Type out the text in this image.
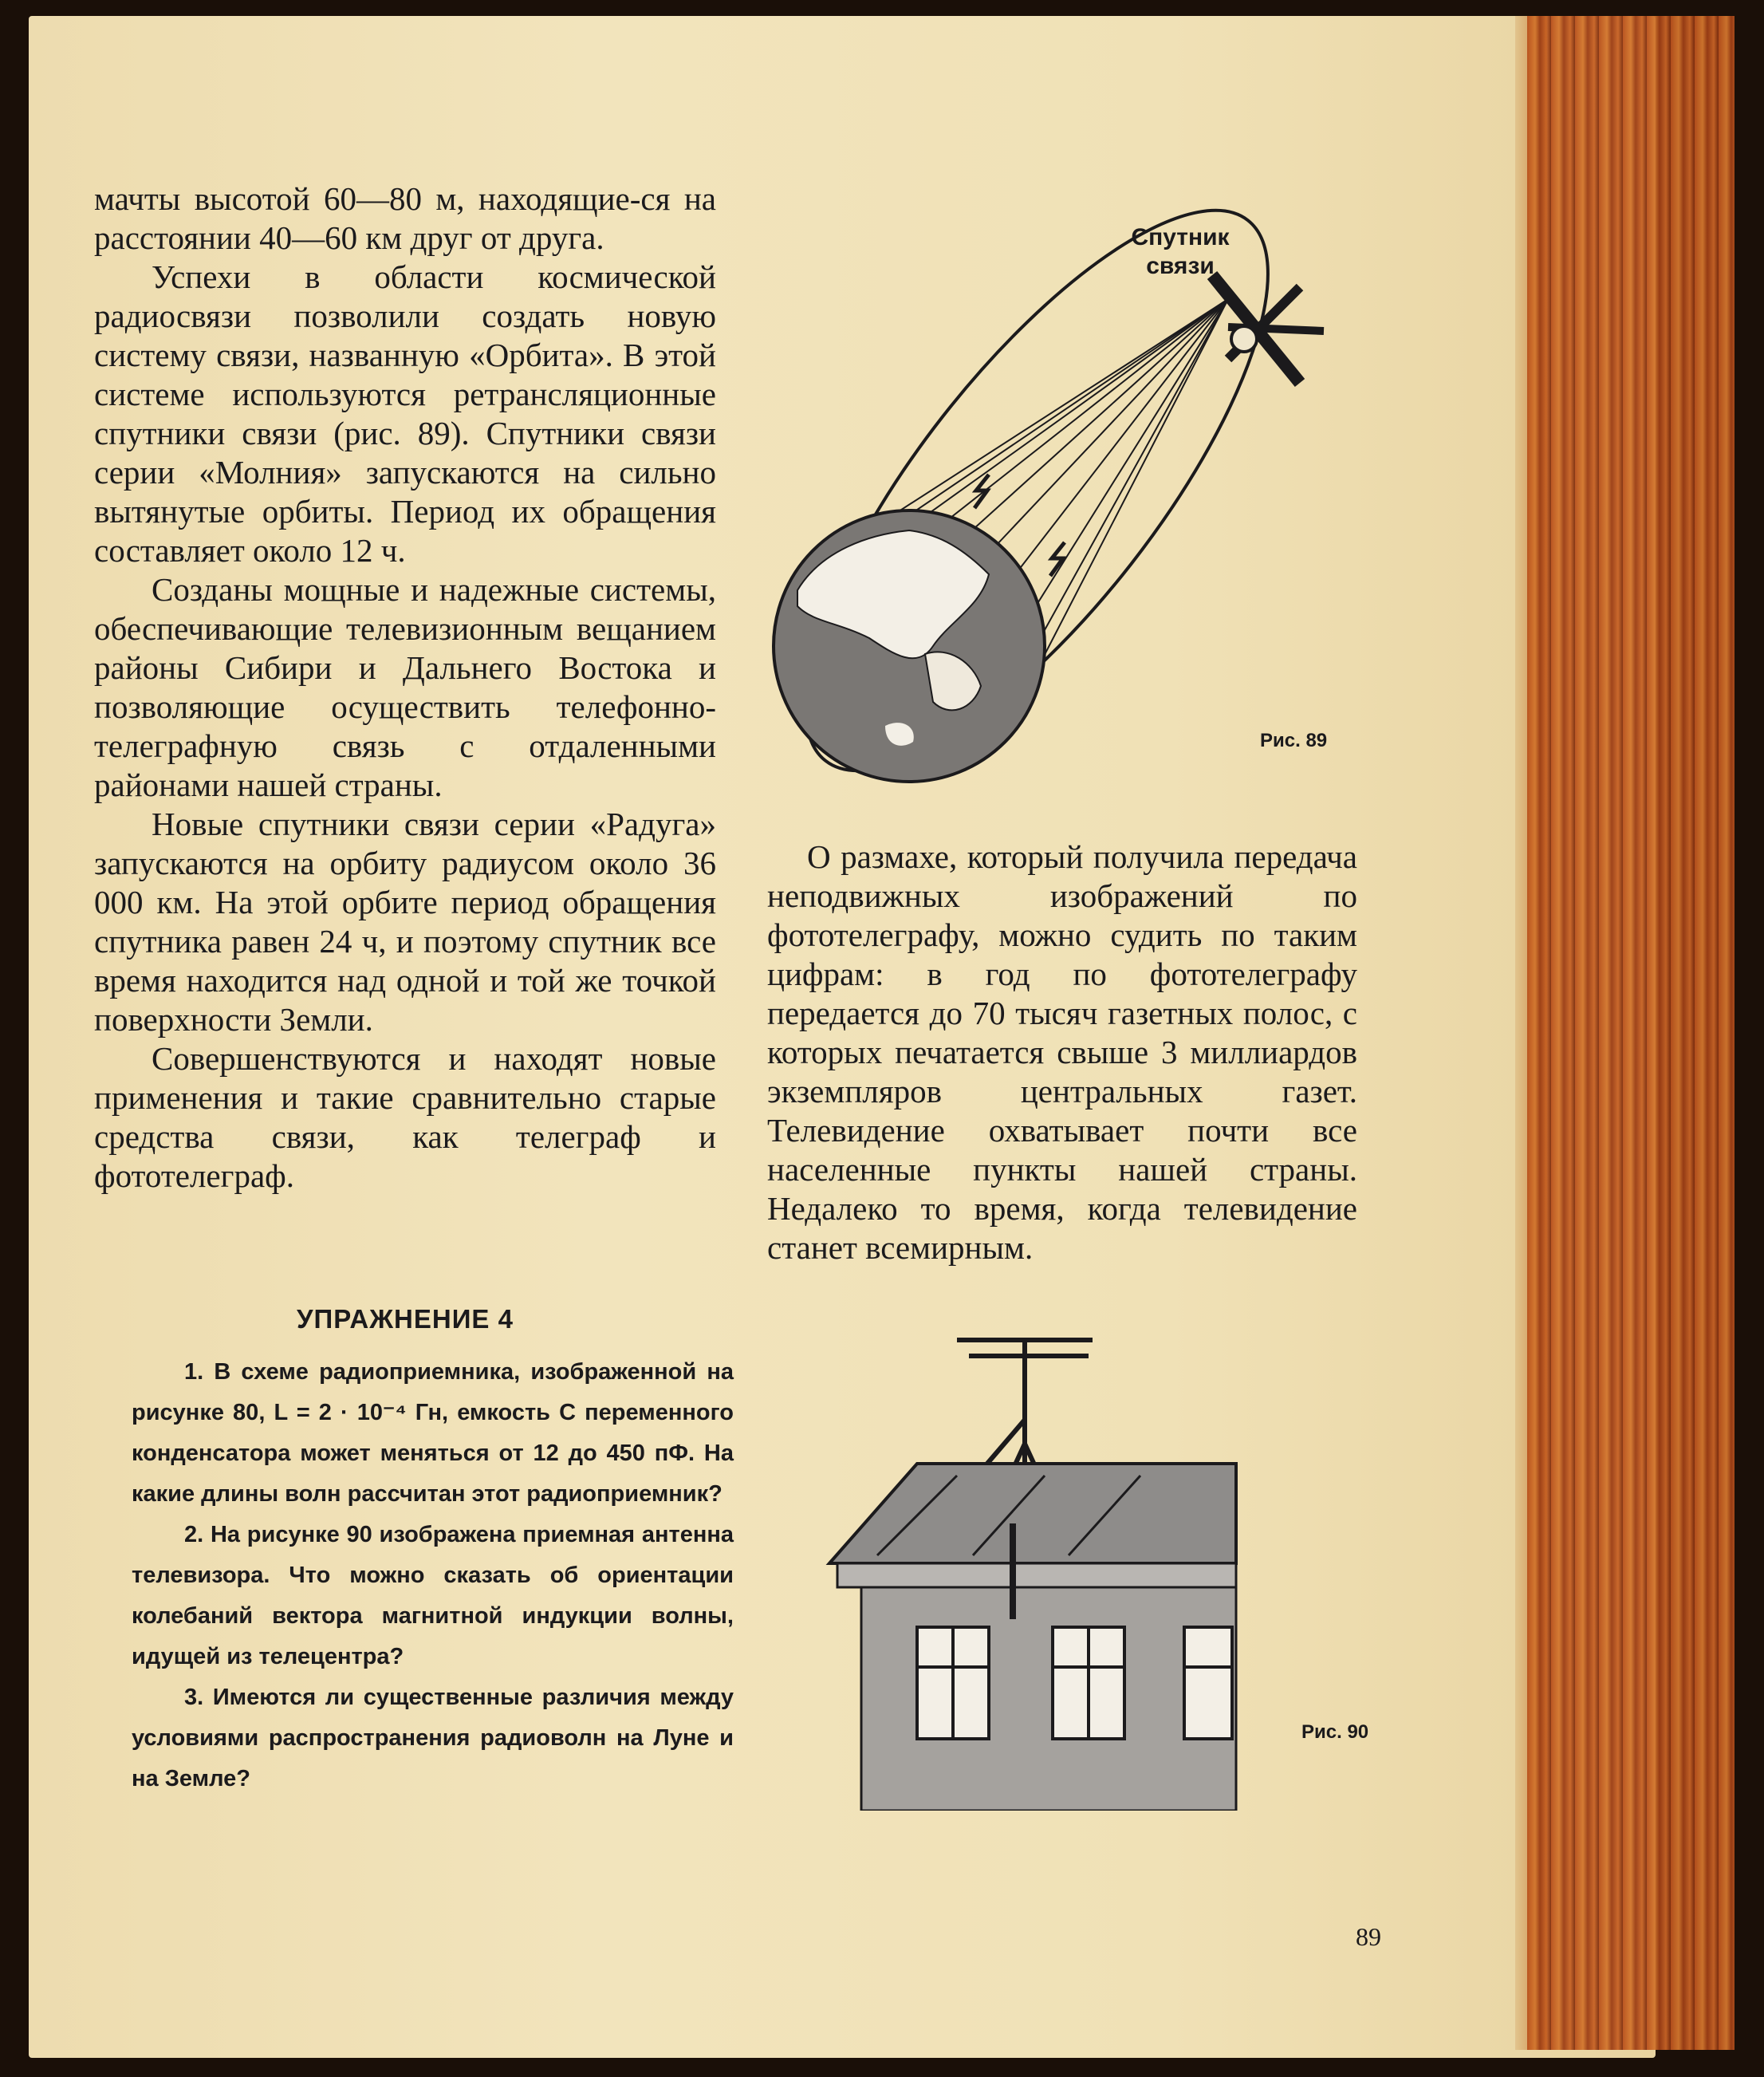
мачты высотой 60—80 м, находящие-ся на расстоянии 40—60 км друг от друга.

Успехи в области космической радиосвязи позволили создать новую систему связи, названную «Орбита». В этой системе используются ретрансляционные спутники связи (рис. 89). Спутники связи серии «Молния» запускаются на сильно вытянутые орбиты. Период их обращения составляет около 12 ч.

Созданы мощные и надежные системы, обеспечивающие телевизионным вещанием районы Сибири и Дальнего Востока и позволяющие осуществить телефонно-телеграфную связь с отдаленными районами нашей страны.

Новые спутники связи серии «Радуга» запускаются на орбиту радиусом около 36 000 км. На этой орбите период обращения спутника равен 24 ч, и поэтому спутник все время находится над одной и той же точкой поверхности Земли.

Совершенствуются и находят новые применения и такие сравнительно старые средства связи, как телеграф и фототелеграф.

Спутник связи
Рис. 89

О размахе, который получила передача неподвижных изображений по фототелеграфу, можно судить по таким цифрам: в год по фототелеграфу передается до 70 тысяч газетных полос, с которых печатается свыше 3 миллиардов экземпляров центральных газет. Телевидение охватывает почти все населенные пункты нашей страны. Недалеко то время, когда телевидение станет всемирным.

УПРАЖНЕНИЕ 4

1. В схеме радиоприемника, изображенной на рисунке 80, L = 2 · 10⁻⁴ Гн, емкость C переменного конденсатора может меняться от 12 до 450 пФ. На какие длины волн рассчитан этот радиоприемник?

2. На рисунке 90 изображена приемная антенна телевизора. Что можно сказать об ориентации колебаний вектора магнитной индукции волны, идущей из телецентра?

3. Имеются ли существенные различия между условиями распространения радиоволн на Луне и на Земле?

Рис. 90
89
